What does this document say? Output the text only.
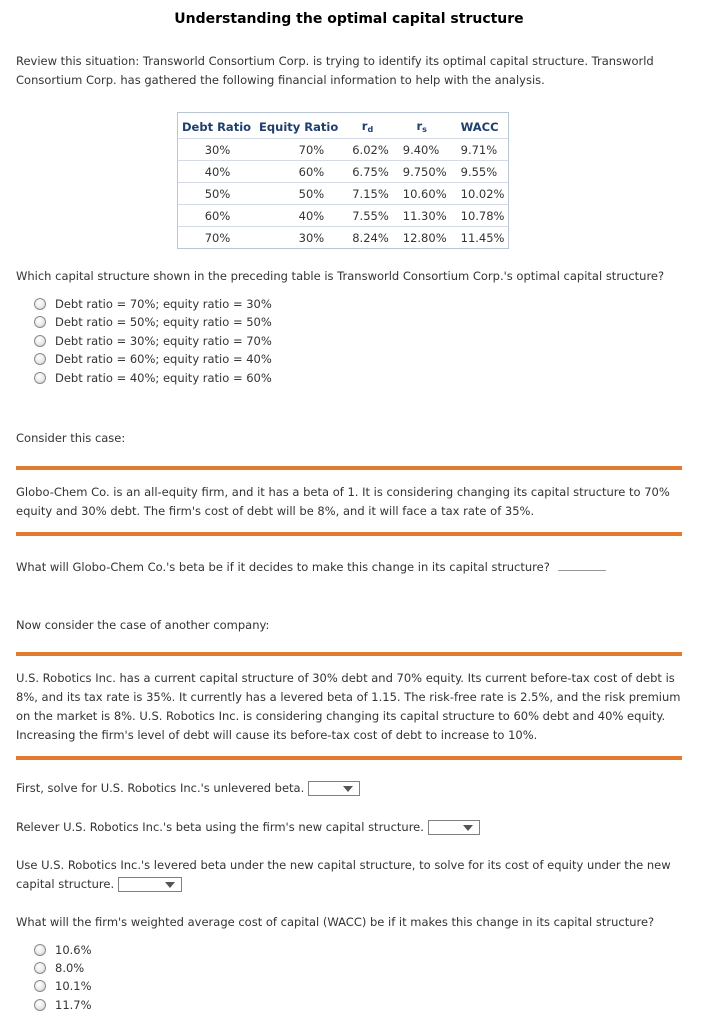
Understanding the optimal capital structure
Review this situation: Transworld Consortium Corp. is trying to identify its optimal capital structure. Transworld
Consortium Corp. has gathered the following financial information to help with the analysis.
Debt Ratio	Equity Ratio	$r_d$	$r_s$	WACC
30%	70%	6.02%	9.40%	9.71%
40%	60%	6.75%	9.750%	9.55%
50%	50%	7.15%	10.60%	10.02%
60%	40%	7.55%	11.30%	10.78%
70%	30%	8.24%	12.80%	11.45%
Which capital structure shown in the preceding table is Transworld Consortium Corp.'s optimal capital structure?
Debt ratio = 70%; equity ratio = 30%
Debt ratio = 50%; equity ratio = 50%
Debt ratio = 30%; equity ratio = 70%
Debt ratio = 60%; equity ratio = 40%
Debt ratio = 40%; equity ratio = 60%
Consider this case:
Globo-Chem Co. is an all-equity firm, and it has a beta of 1. It is considering changing its capital structure to 70%
equity and 30% debt. The firm's cost of debt will be 8%, and it will face a tax rate of 35%.
What will Globo-Chem Co.'s beta be if it decides to make this change in its capital structure?
Now consider the case of another company:
U.S. Robotics Inc. has a current capital structure of 30% debt and 70% equity. Its current before-tax cost of debt is
8%, and its tax rate is 35%. It currently has a levered beta of 1.15. The risk-free rate is 2.5%, and the risk premium
on the market is 8%. U.S. Robotics Inc. is considering changing its capital structure to 60% debt and 40% equity.
Increasing the firm's level of debt will cause its before-tax cost of debt to increase to 10%.
First, solve for U.S. Robotics Inc.'s unlevered beta.
Relever U.S. Robotics Inc.'s beta using the firm's new capital structure.
Use U.S. Robotics Inc.'s levered beta under the new capital structure, to solve for its cost of equity under the new
capital structure.
What will the firm's weighted average cost of capital (WACC) be if it makes this change in its capital structure?
10.6%
8.0%
10.1%
11.7%
